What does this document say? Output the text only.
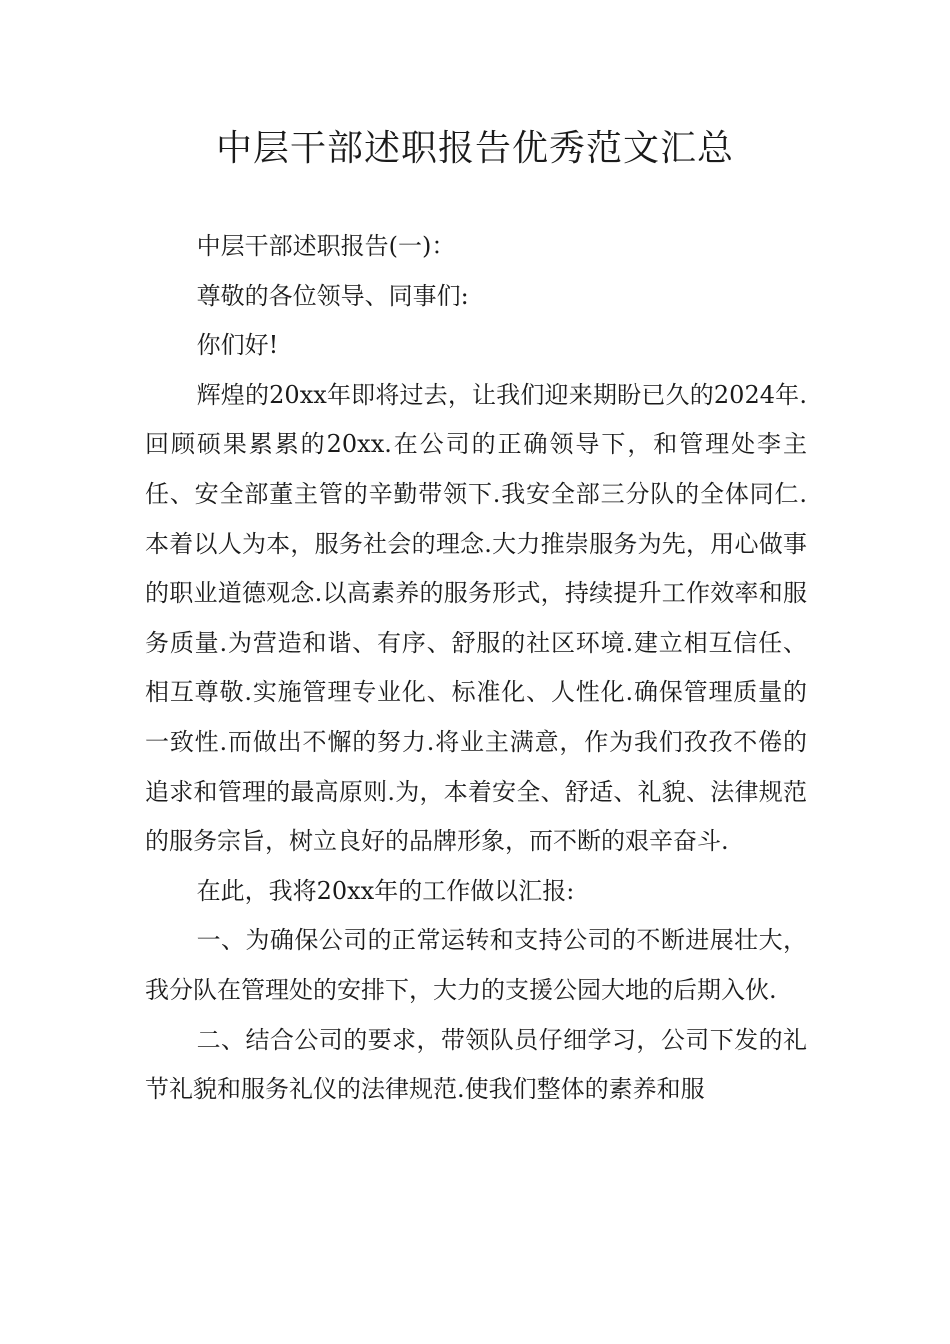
中层干部述职报告优秀范文汇总

中层干部述职报告(一)：

尊敬的各位领导、同事们:

你们好!

辉煌的20xx年即将过去，让我们迎来期盼已久的2024年.回顾硕果累累的20xx.在公司的正确领导下，和管理处李主任、安全部董主管的辛勤带领下.我安全部三分队的全体同仁.本着以人为本，服务社会的理念.大力推崇服务为先，用心做事的职业道德观念.以高素养的服务形式，持续提升工作效率和服务质量.为营造和谐、有序、舒服的社区环境.建立相互信任、相互尊敬.实施管理专业化、标准化、人性化.确保管理质量的一致性.而做出不懈的努力.将业主满意，作为我们孜孜不倦的追求和管理的最高原则.为，本着安全、舒适、礼貌、法律规范的服务宗旨，树立良好的品牌形象，而不断的艰辛奋斗.

在此，我将20xx年的工作做以汇报:

一、为确保公司的正常运转和支持公司的不断进展壮大，我分队在管理处的安排下，大力的支援公园大地的后期入伙.

二、结合公司的要求，带领队员仔细学习，公司下发的礼节礼貌和服务礼仪的法律规范.使我们整体的素养和服
